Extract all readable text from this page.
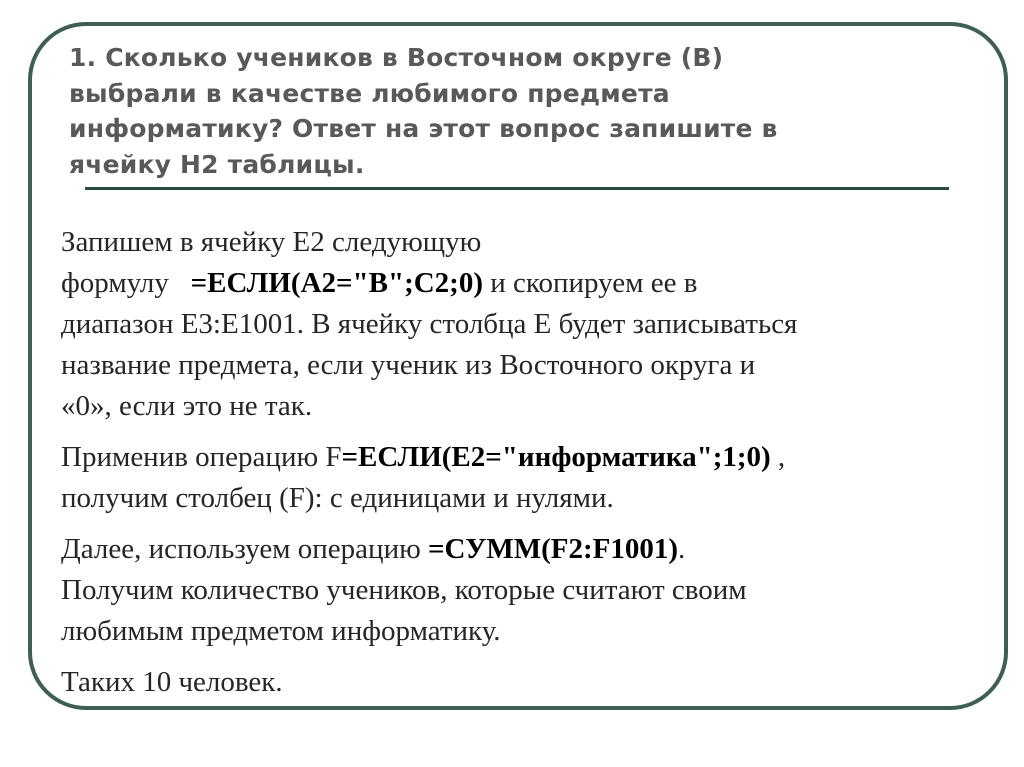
1. Сколько учеников в Восточном округе (В)
выбрали в качестве любимого предмета
информатику? Ответ на этот вопрос запишите в
ячейку Н2 таблицы.

Запишем в ячейку Е2 следующую
формулу   =ЕСЛИ(А2="В";С2;0) и скопируем ее в
диапазон Е3:Е1001. В ячейку столбца Е будет записываться
название предмета, если ученик из Восточного округа и
«0», если это не так.

Применив операцию F=ЕСЛИ(Е2="информатика";1;0) ,
получим столбец (F): с единицами и нулями.

Далее, используем операцию =СУММ(F2:F1001).
Получим количество учеников, которые считают своим
любимым предметом информатику.

Таких 10 человек.
